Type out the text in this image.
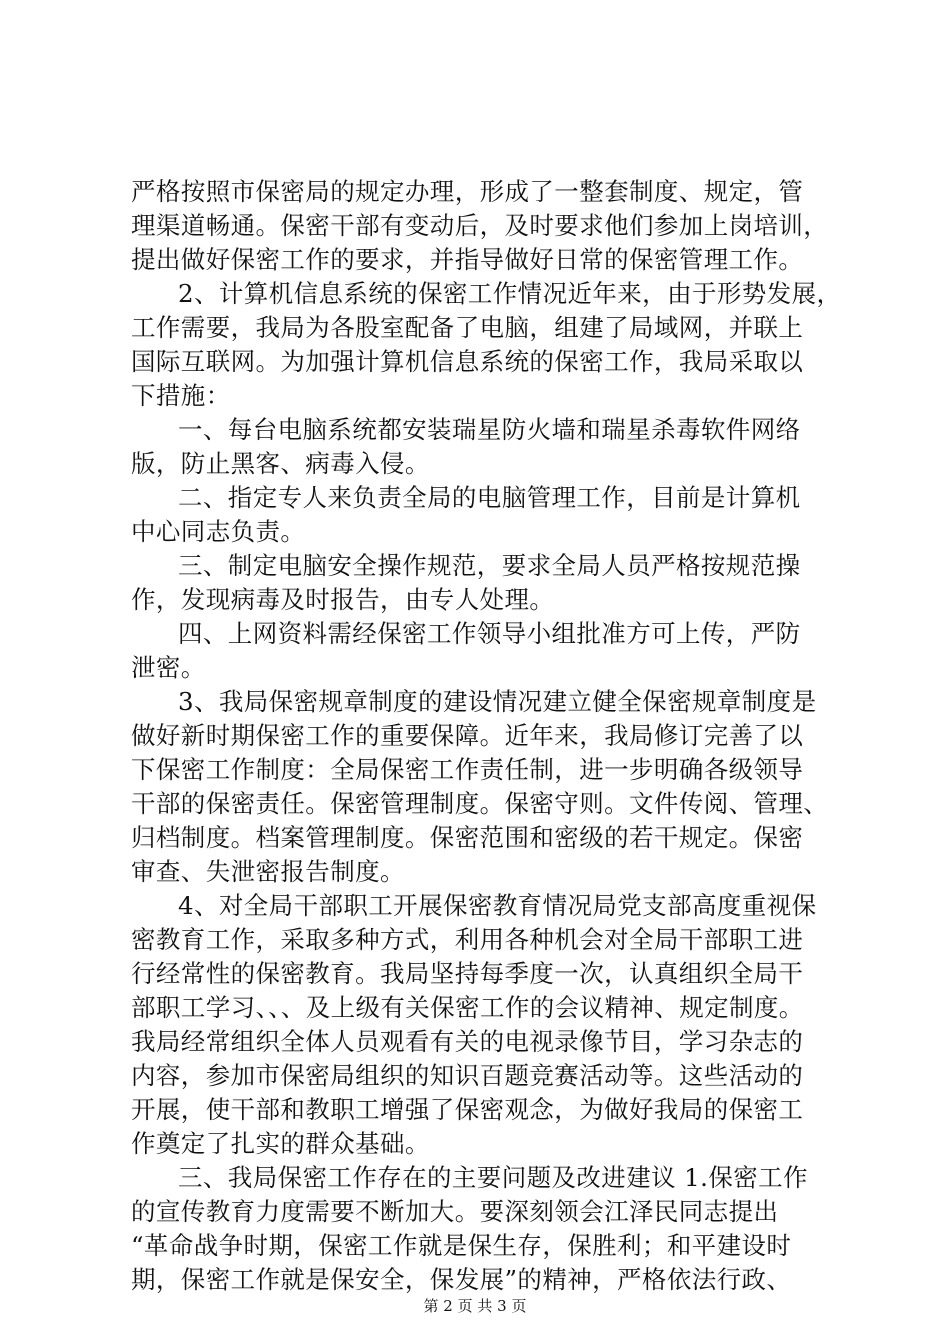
严格按照市保密局的规定办理，形成了一整套制度、规定，管
理渠道畅通。保密干部有变动后，及时要求他们参加上岗培训，
提出做好保密工作的要求，并指导做好日常的保密管理工作。
2、计算机信息系统的保密工作情况近年来，由于形势发展，
工作需要，我局为各股室配备了电脑，组建了局域网，并联上
国际互联网。为加强计算机信息系统的保密工作，我局采取以
下措施：
一、每台电脑系统都安装瑞星防火墙和瑞星杀毒软件网络
版，防止黑客、病毒入侵。
二、指定专人来负责全局的电脑管理工作，目前是计算机
中心同志负责。
三、制定电脑安全操作规范，要求全局人员严格按规范操
作，发现病毒及时报告，由专人处理。
四、上网资料需经保密工作领导小组批准方可上传，严防
泄密。
3、我局保密规章制度的建设情况建立健全保密规章制度是
做好新时期保密工作的重要保障。近年来，我局修订完善了以
下保密工作制度：全局保密工作责任制，进一步明确各级领导
干部的保密责任。保密管理制度。保密守则。文件传阅、管理、
归档制度。档案管理制度。保密范围和密级的若干规定。保密
审查、失泄密报告制度。
4、对全局干部职工开展保密教育情况局党支部高度重视保
密教育工作，采取多种方式，利用各种机会对全局干部职工进
行经常性的保密教育。我局坚持每季度一次，认真组织全局干
部职工学习、、、及上级有关保密工作的会议精神、规定制度。
我局经常组织全体人员观看有关的电视录像节目，学习杂志的
内容，参加市保密局组织的知识百题竞赛活动等。这些活动的
开展，使干部和教职工增强了保密观念，为做好我局的保密工
作奠定了扎实的群众基础。
三、我局保密工作存在的主要问题及改进建议 1.保密工作
的宣传教育力度需要不断加大。要深刻领会江泽民同志提出
“革命战争时期，保密工作就是保生存，保胜利；和平建设时
期，保密工作就是保安全，保发展”的精神，严格依法行政、
第 2 页 共 3 页
